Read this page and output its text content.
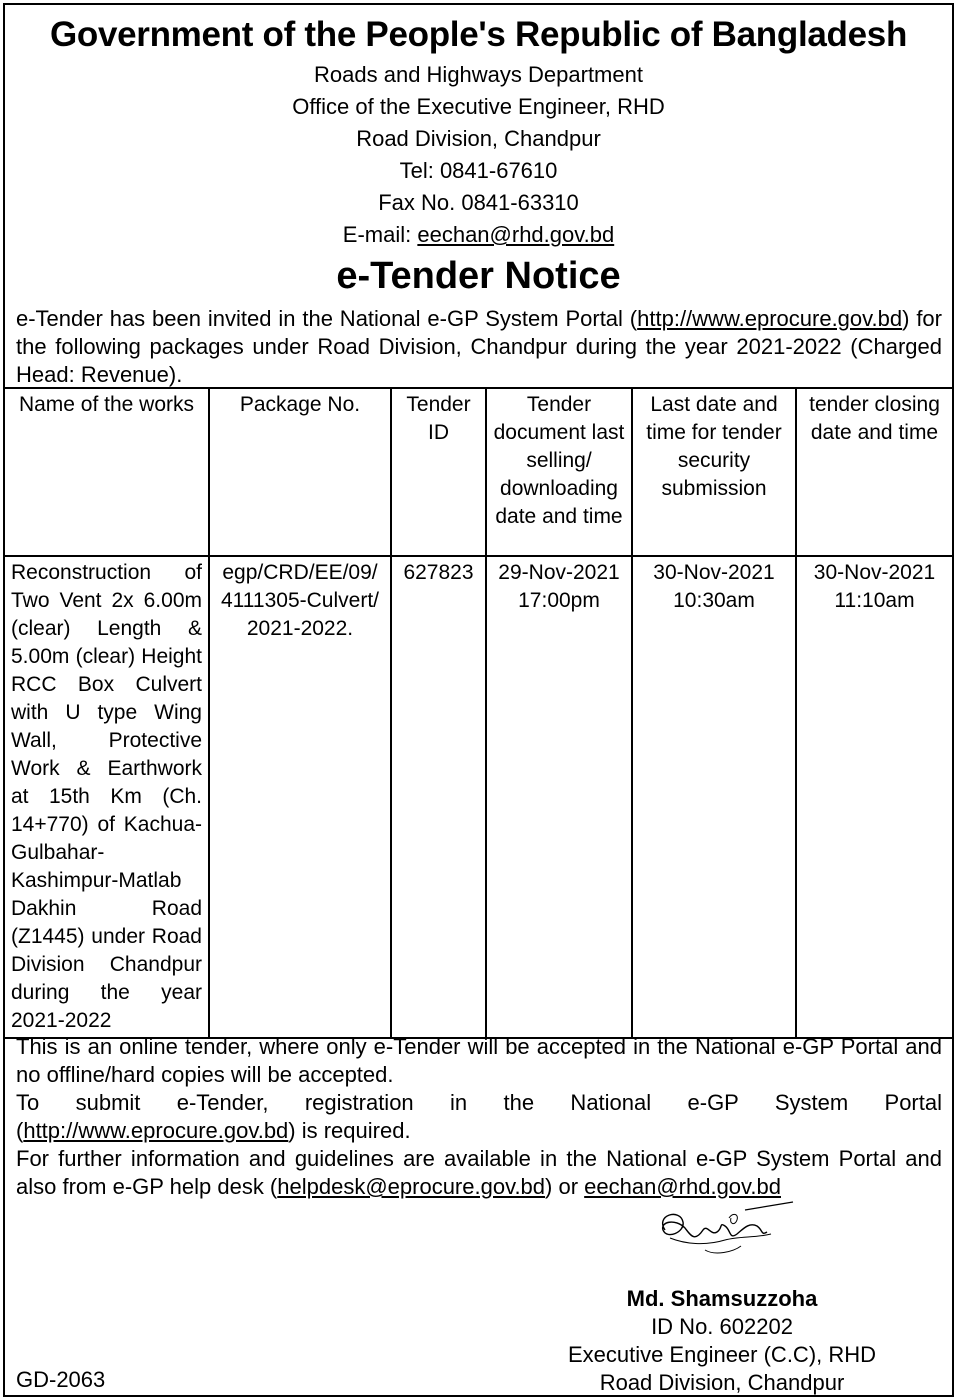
Government of the People's Republic of Bangladesh
Roads and Highways Department
Office of the Executive Engineer, RHD
Road Division, Chandpur
Tel: 0841-67610
Fax No. 0841-63310
E-mail: eechan@rhd.gov.bd
e-Tender Notice
e-Tender has been invited in the National e-GP System Portal (http://www.eprocure.gov.bd) for the following packages under Road Division, Chandpur during the year 2021-2022 (Charged Head: Revenue).
Name of the works	Package No.	Tender ID	Tender document last selling/ downloading date and time	Last date and time for tender security submission	tender closing date and time
Reconstruction of Two Vent 2x 6.00m (clear) Length & 5.00m (clear) Height RCC Box Culvert with U type Wing Wall, Protective Work & Earthwork at 15th Km (Ch. 14+770) of Kachua-Gulbahar-Kashimpur-Matlab Dakhin Road (Z1445) under Road Division Chandpur during the year 2021-2022	egp/CRD/EE/09/4111305-Culvert/2021-2022.	627823	29-Nov-2021 17:00pm	30-Nov-2021 10:30am	30-Nov-2021 11:10am
This is an online tender, where only e-Tender will be accepted in the National e-GP Portal and no offline/hard copies will be accepted.
To submit e-Tender, registration in the National e-GP System Portal
(http://www.eprocure.gov.bd) is required.
For further information and guidelines are available in the National e-GP System Portal and also from e-GP help desk (helpdesk@eprocure.gov.bd) or eechan@rhd.gov.bd
Md. Shamsuzzoha
ID No. 602202
Executive Engineer (C.C), RHD
Road Division, Chandpur
GD-2063
